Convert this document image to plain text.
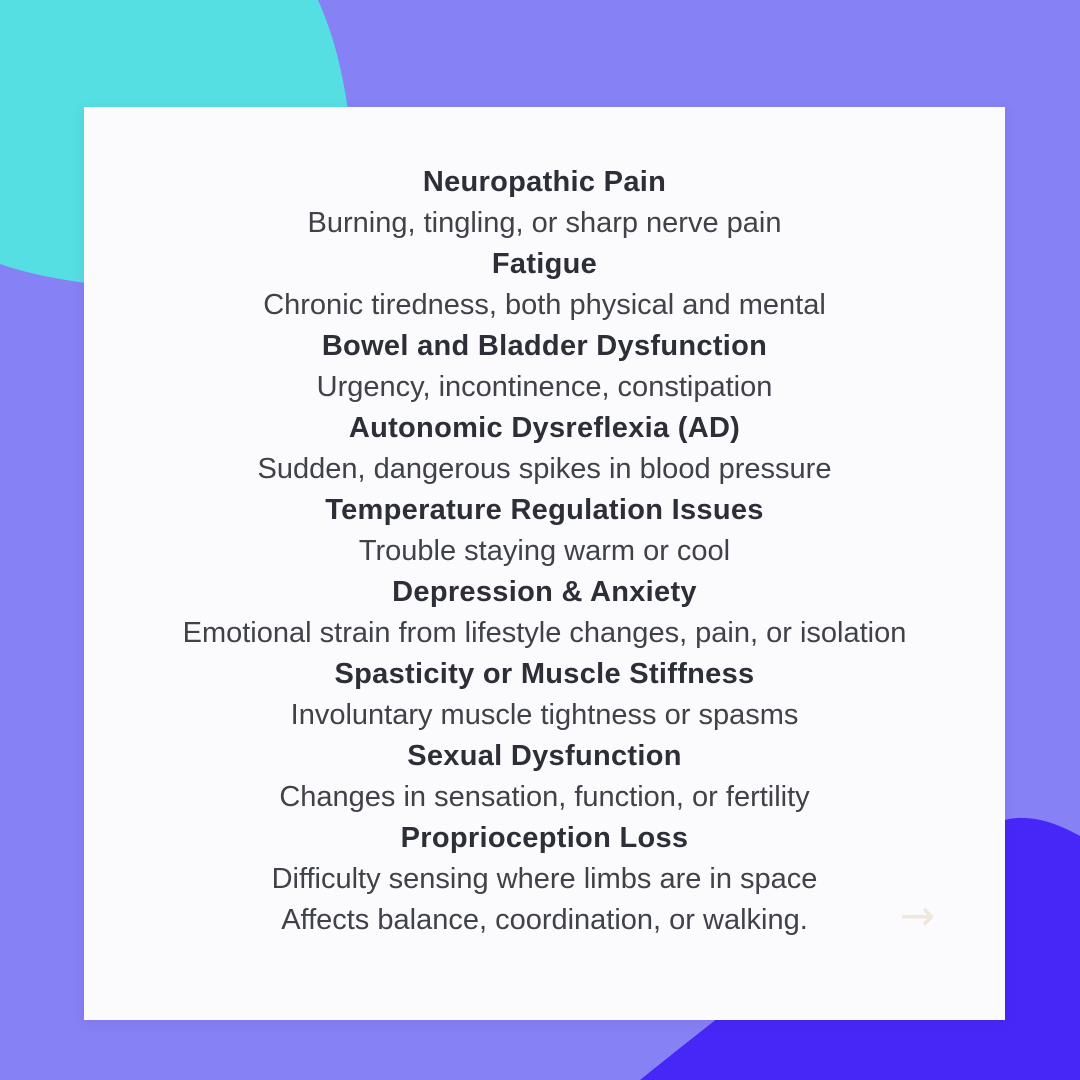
Neuropathic Pain
Burning, tingling, or sharp nerve pain
Fatigue
Chronic tiredness, both physical and mental
Bowel and Bladder Dysfunction
Urgency, incontinence, constipation
Autonomic Dysreflexia (AD)
Sudden, dangerous spikes in blood pressure
Temperature Regulation Issues
Trouble staying warm or cool
Depression & Anxiety
Emotional strain from lifestyle changes, pain, or isolation
Spasticity or Muscle Stiffness
Involuntary muscle tightness or spasms
Sexual Dysfunction
Changes in sensation, function, or fertility
Proprioception Loss
Difficulty sensing where limbs are in space
Affects balance, coordination, or walking.	→
